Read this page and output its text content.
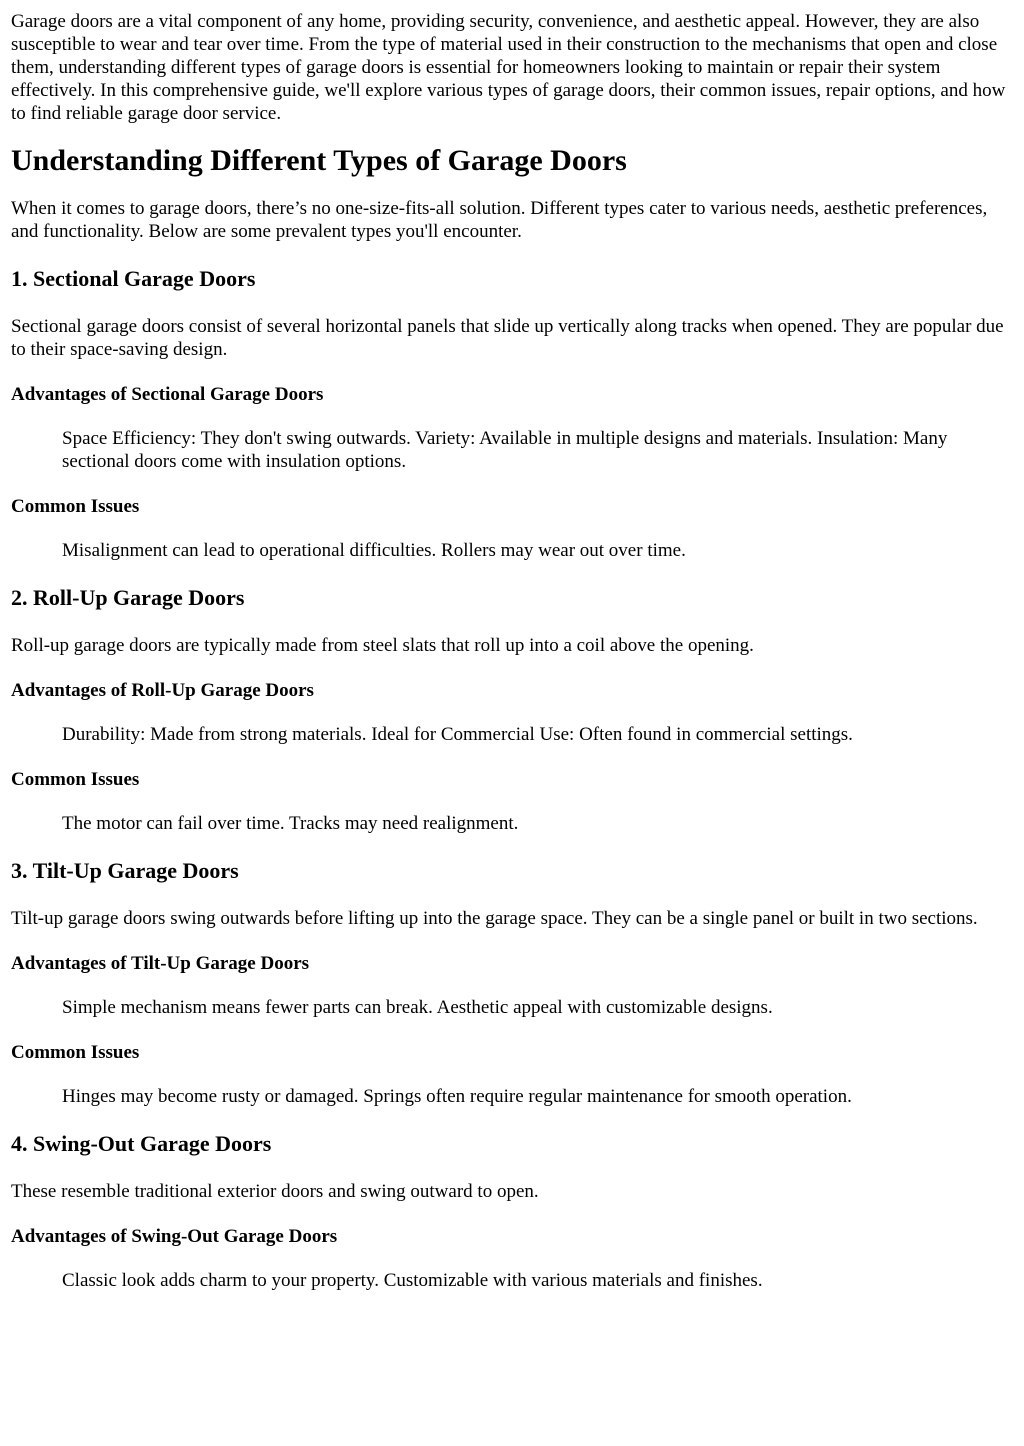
Garage doors are a vital component of any home, providing security, convenience, and aesthetic appeal. However, they are also susceptible to wear and tear over time. From the type of material used in their construction to the mechanisms that open and close them, understanding different types of garage doors is essential for homeowners looking to maintain or repair their system effectively. In this comprehensive guide, we'll explore various types of garage doors, their common issues, repair options, and how to find reliable garage door service.

Understanding Different Types of Garage Doors

When it comes to garage doors, there’s no one-size-fits-all solution. Different types cater to various needs, aesthetic preferences, and functionality. Below are some prevalent types you'll encounter.

1. Sectional Garage Doors

Sectional garage doors consist of several horizontal panels that slide up vertically along tracks when opened. They are popular due to their space-saving design.

Advantages of Sectional Garage Doors
Space Efficiency: They don't swing outwards. Variety: Available in multiple designs and materials. Insulation: Many sectional doors come with insulation options.
Common Issues
Misalignment can lead to operational difficulties. Rollers may wear out over time.
2. Roll-Up Garage Doors

Roll-up garage doors are typically made from steel slats that roll up into a coil above the opening.

Advantages of Roll-Up Garage Doors
Durability: Made from strong materials. Ideal for Commercial Use: Often found in commercial settings.
Common Issues
The motor can fail over time. Tracks may need realignment.
3. Tilt-Up Garage Doors

Tilt-up garage doors swing outwards before lifting up into the garage space. They can be a single panel or built in two sections.

Advantages of Tilt-Up Garage Doors
Simple mechanism means fewer parts can break. Aesthetic appeal with customizable designs.
Common Issues
Hinges may become rusty or damaged. Springs often require regular maintenance for smooth operation.
4. Swing-Out Garage Doors

These resemble traditional exterior doors and swing outward to open.

Advantages of Swing-Out Garage Doors
Classic look adds charm to your property. Customizable with various materials and finishes.
